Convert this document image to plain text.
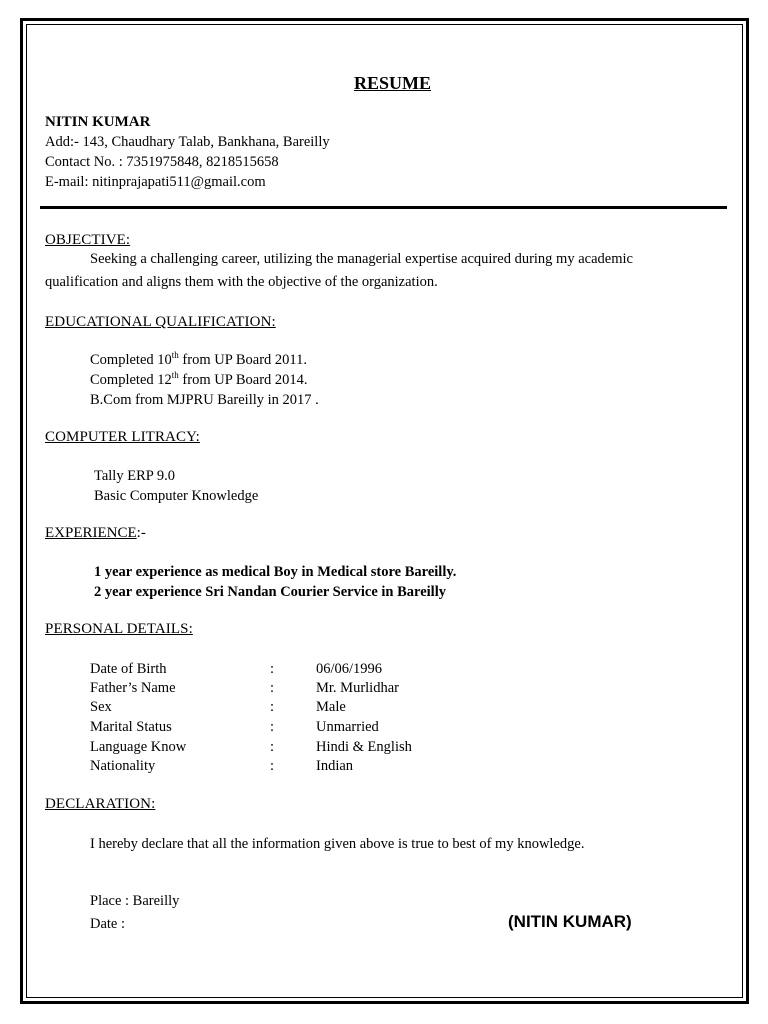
RESUME
NITIN KUMAR
Add:- 143, Chaudhary Talab, Bankhana, Bareilly
Contact No. : 7351975848, 8218515658
E-mail: nitinprajapati511@gmail.com
OBJECTIVE:
Seeking a challenging career, utilizing the managerial expertise acquired during my academic
qualification and aligns them with the objective of the organization.
EDUCATIONAL QUALIFICATION:
Completed 10th from UP Board 2011.
Completed 12th from UP Board 2014.
B.Com from MJPRU Bareilly in 2017 .
COMPUTER LITRACY:
Tally ERP 9.0
Basic Computer Knowledge
EXPERIENCE:-
1 year experience as medical Boy in Medical store Bareilly.
2 year experience Sri Nandan Courier Service in Bareilly
PERSONAL DETAILS:
Date of Birth	:	06/06/1996
Father’s Name	:	Mr. Murlidhar
Sex	:	Male
Marital Status	:	Unmarried
Language Know	:	Hindi & English
Nationality	:	Indian
DECLARATION:
I hereby declare that all the information given above is true to best of my knowledge.
Place : Bareilly
Date :	(NITIN KUMAR)
